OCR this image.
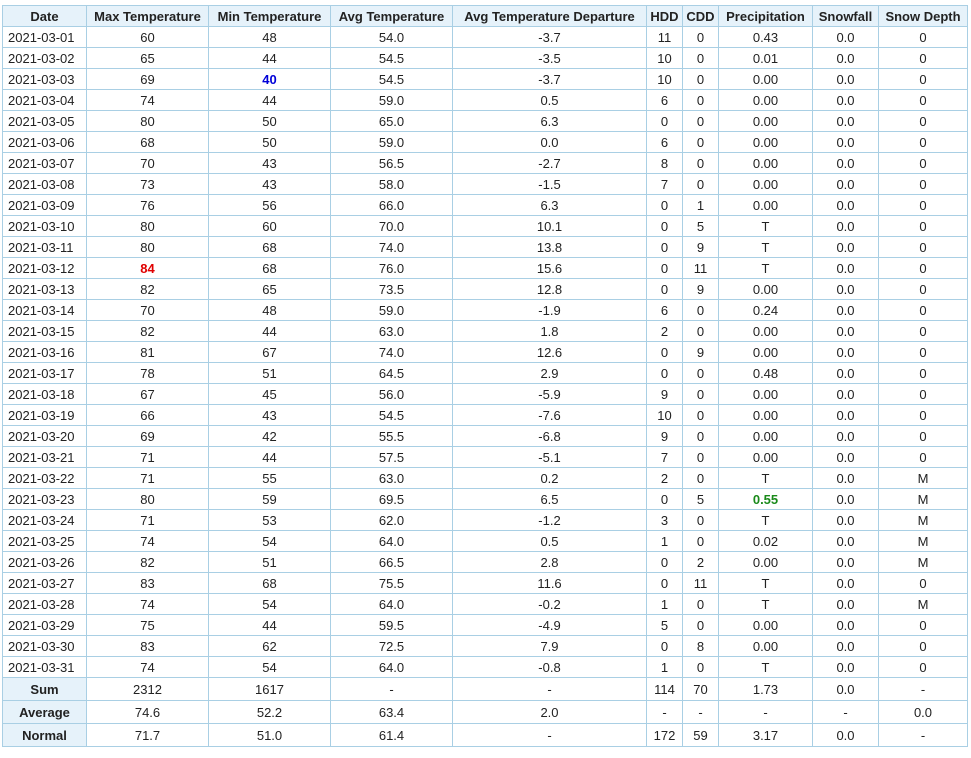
Date	Max Temperature	Min Temperature	Avg Temperature	Avg Temperature Departure	HDD	CDD	Precipitation	Snowfall	Snow Depth
2021-03-01	60	48	54.0	-3.7	11	0	0.43	0.0	0
2021-03-02	65	44	54.5	-3.5	10	0	0.01	0.0	0
2021-03-03	69	40	54.5	-3.7	10	0	0.00	0.0	0
2021-03-04	74	44	59.0	0.5	6	0	0.00	0.0	0
2021-03-05	80	50	65.0	6.3	0	0	0.00	0.0	0
2021-03-06	68	50	59.0	0.0	6	0	0.00	0.0	0
2021-03-07	70	43	56.5	-2.7	8	0	0.00	0.0	0
2021-03-08	73	43	58.0	-1.5	7	0	0.00	0.0	0
2021-03-09	76	56	66.0	6.3	0	1	0.00	0.0	0
2021-03-10	80	60	70.0	10.1	0	5	T	0.0	0
2021-03-11	80	68	74.0	13.8	0	9	T	0.0	0
2021-03-12	84	68	76.0	15.6	0	11	T	0.0	0
2021-03-13	82	65	73.5	12.8	0	9	0.00	0.0	0
2021-03-14	70	48	59.0	-1.9	6	0	0.24	0.0	0
2021-03-15	82	44	63.0	1.8	2	0	0.00	0.0	0
2021-03-16	81	67	74.0	12.6	0	9	0.00	0.0	0
2021-03-17	78	51	64.5	2.9	0	0	0.48	0.0	0
2021-03-18	67	45	56.0	-5.9	9	0	0.00	0.0	0
2021-03-19	66	43	54.5	-7.6	10	0	0.00	0.0	0
2021-03-20	69	42	55.5	-6.8	9	0	0.00	0.0	0
2021-03-21	71	44	57.5	-5.1	7	0	0.00	0.0	0
2021-03-22	71	55	63.0	0.2	2	0	T	0.0	M
2021-03-23	80	59	69.5	6.5	0	5	0.55	0.0	M
2021-03-24	71	53	62.0	-1.2	3	0	T	0.0	M
2021-03-25	74	54	64.0	0.5	1	0	0.02	0.0	M
2021-03-26	82	51	66.5	2.8	0	2	0.00	0.0	M
2021-03-27	83	68	75.5	11.6	0	11	T	0.0	0
2021-03-28	74	54	64.0	-0.2	1	0	T	0.0	M
2021-03-29	75	44	59.5	-4.9	5	0	0.00	0.0	0
2021-03-30	83	62	72.5	7.9	0	8	0.00	0.0	0
2021-03-31	74	54	64.0	-0.8	1	0	T	0.0	0
Sum	2312	1617	-	-	114	70	1.73	0.0	-
Average	74.6	52.2	63.4	2.0	-	-	-	-	0.0
Normal	71.7	51.0	61.4	-	172	59	3.17	0.0	-
